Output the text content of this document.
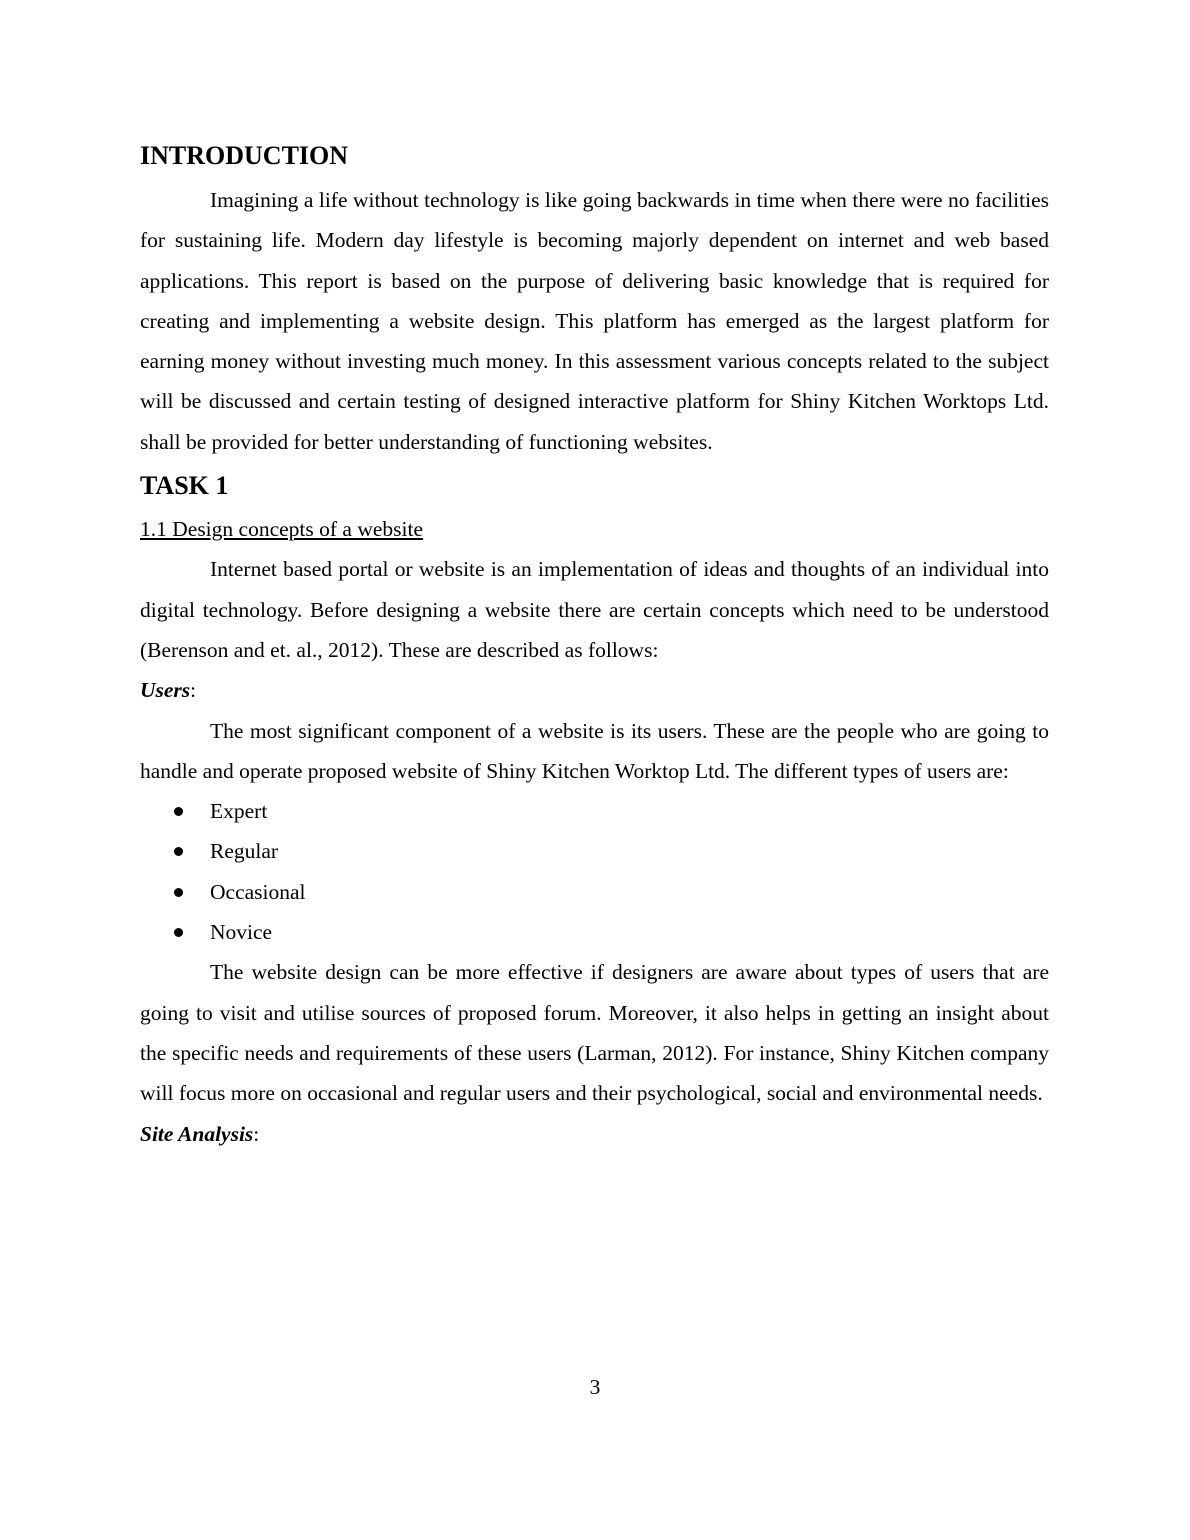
INTRODUCTION

Imagining a life without technology is like going backwards in time when there were no facilities for sustaining life. Modern day lifestyle is becoming majorly dependent on internet and web based applications. This report is based on the purpose of delivering basic knowledge that is required for creating and implementing a website design. This platform has emerged as the largest platform for earning money without investing much money. In this assessment various concepts related to the subject will be discussed and certain testing of designed interactive platform for Shiny Kitchen Worktops Ltd. shall be provided for better understanding of functioning websites.

TASK 1
1.1 Design concepts of a website

Internet based portal or website is an implementation of ideas and thoughts of an individual into digital technology. Before designing a website there are certain concepts which need to be understood (Berenson and et. al., 2012). These are described as follows:

Users:

The most significant component of a website is its users. These are the people who are going to handle and operate proposed website of Shiny Kitchen Worktop Ltd. The different types of users are:

Expert
Regular
Occasional
Novice

The website design can be more effective if designers are aware about types of users that are going to visit and utilise sources of proposed forum. Moreover, it also helps in getting an insight about the specific needs and requirements of these users (Larman, 2012). For instance, Shiny Kitchen company will focus more on occasional and regular users and their psychological, social and environmental needs.

Site Analysis:
3
